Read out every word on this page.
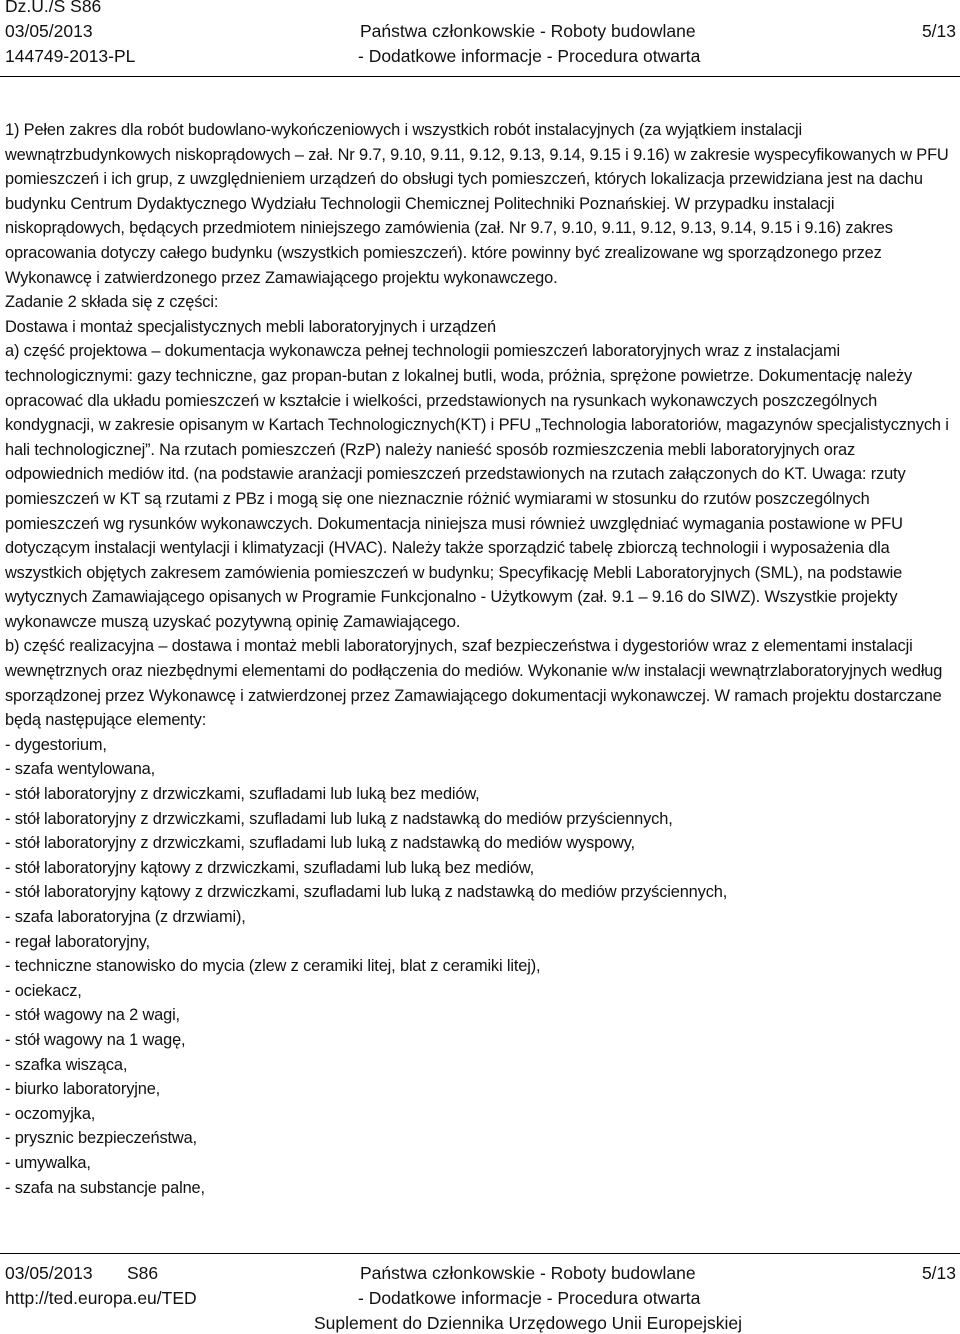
Dz.U./S S86
03/05/2013
144749-2013-PL
Państwa członkowskie - Roboty budowlane
- Dodatkowe informacje - Procedura otwarta
5/13

1) Pełen zakres dla robót budowlano-wykończeniowych i wszystkich robót instalacyjnych (za wyjątkiem instalacji wewnątrzbudynkowych niskoprądowych – zał. Nr 9.7, 9.10, 9.11, 9.12, 9.13, 9.14, 9.15 i 9.16) w zakresie wyspecyfikowanych w PFU pomieszczeń i ich grup, z uwzględnieniem urządzeń do obsługi tych pomieszczeń, których lokalizacja przewidziana jest na dachu budynku Centrum Dydaktycznego Wydziału Technologii Chemicznej Politechniki Poznańskiej. W przypadku instalacji niskoprądowych, będących przedmiotem niniejszego zamówienia (zał. Nr 9.7, 9.10, 9.11, 9.12, 9.13, 9.14, 9.15 i 9.16) zakres opracowania dotyczy całego budynku (wszystkich pomieszczeń). które powinny być zrealizowane wg sporządzonego przez Wykonawcę i zatwierdzonego przez Zamawiającego projektu wykonawczego.

Zadanie 2 składa się z części:

Dostawa i montaż specjalistycznych mebli laboratoryjnych i urządzeń

a) część projektowa – dokumentacja wykonawcza pełnej technologii pomieszczeń laboratoryjnych wraz z instalacjami technologicznymi: gazy techniczne, gaz propan-butan z lokalnej butli, woda, próżnia, sprężone powietrze. Dokumentację należy opracować dla układu pomieszczeń w kształcie i wielkości, przedstawionych na rysunkach wykonawczych poszczególnych kondygnacji, w zakresie opisanym w Kartach Technologicznych(KT) i PFU „Technologia laboratoriów, magazynów specjalistycznych i hali technologicznej”. Na rzutach pomieszczeń (RzP) należy nanieść sposób rozmieszczenia mebli laboratoryjnych oraz odpowiednich mediów itd. (na podstawie aranżacji pomieszczeń przedstawionych na rzutach załączonych do KT. Uwaga: rzuty pomieszczeń w KT są rzutami z PBz i mogą się one nieznacznie różnić wymiarami w stosunku do rzutów poszczególnych pomieszczeń wg rysunków wykonawczych. Dokumentacja niniejsza musi również uwzględniać wymagania postawione w PFU dotyczącym instalacji wentylacji i klimatyzacji (HVAC). Należy także sporządzić tabelę zbiorczą technologii i wyposażenia dla wszystkich objętych zakresem zamówienia pomieszczeń w budynku; Specyfikację Mebli Laboratoryjnych (SML), na podstawie wytycznych Zamawiającego opisanych w Programie Funkcjonalno - Użytkowym (zał. 9.1 – 9.16 do SIWZ). Wszystkie projekty wykonawcze muszą uzyskać pozytywną opinię Zamawiającego.

b) część realizacyjna – dostawa i montaż mebli laboratoryjnych, szaf bezpieczeństwa i dygestoriów wraz z elementami instalacji wewnętrznych oraz niezbędnymi elementami do podłączenia do mediów. Wykonanie w/w instalacji wewnątrzlaboratoryjnych według sporządzonej przez Wykonawcę i zatwierdzonej przez Zamawiającego dokumentacji wykonawczej. W ramach projektu dostarczane będą następujące elementy:

- dygestorium,
- szafa wentylowana,
- stół laboratoryjny z drzwiczkami, szufladami lub luką bez mediów,
- stół laboratoryjny z drzwiczkami, szufladami lub luką z nadstawką do mediów przyściennych,
- stół laboratoryjny z drzwiczkami, szufladami lub luką z nadstawką do mediów wyspowy,
- stół laboratoryjny kątowy z drzwiczkami, szufladami lub luką bez mediów,
- stół laboratoryjny kątowy z drzwiczkami, szufladami lub luką z nadstawką do mediów przyściennych,
- szafa laboratoryjna (z drzwiami),
- regał laboratoryjny,
- techniczne stanowisko do mycia (zlew z ceramiki litej, blat z ceramiki litej),
- ociekacz,
- stół wagowy na 2 wagi,
- stół wagowy na 1 wagę,
- szafka wisząca,
- biurko laboratoryjne,
- oczomyjka,
- prysznic bezpieczeństwa,
- umywalka,
- szafa na substancje palne,
03/05/2013 S86
http://ted.europa.eu/TED
Państwa członkowskie - Roboty budowlane
- Dodatkowe informacje - Procedura otwarta
Suplement do Dziennika Urzędowego Unii Europejskiej
5/13
